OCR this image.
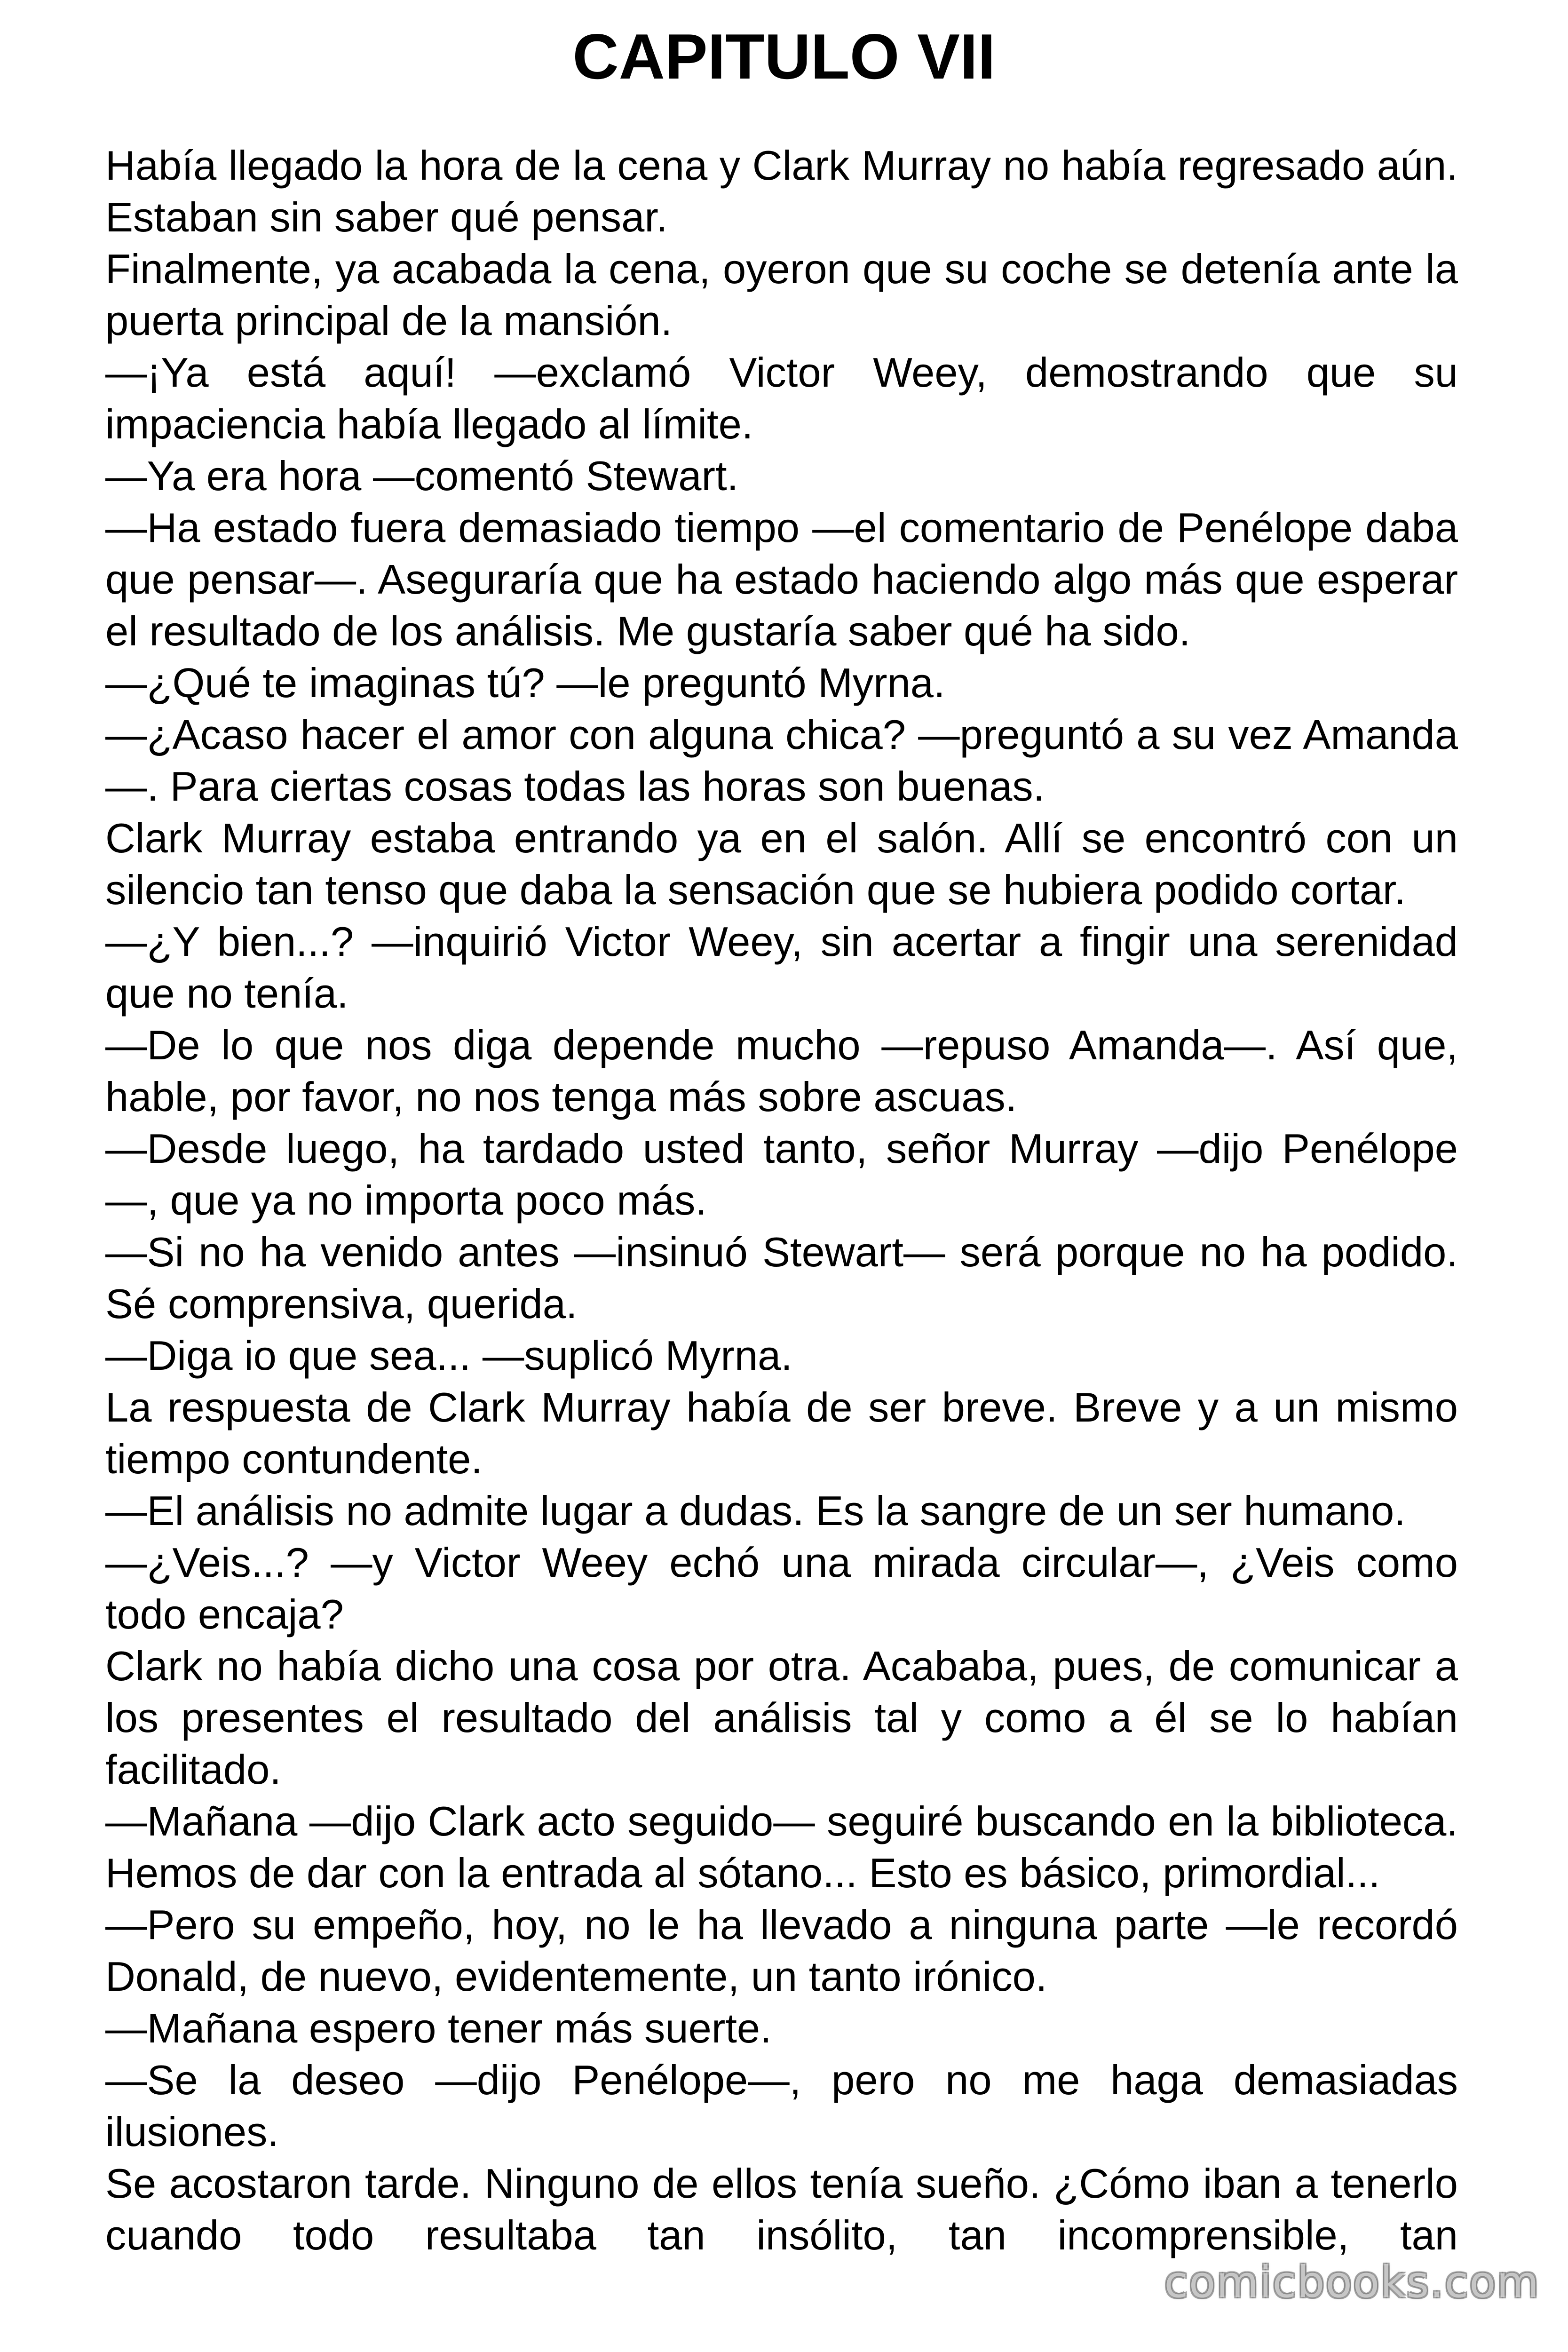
CAPITULO VII

Había llegado la hora de la cena y Clark Murray no había regresado aún. Estaban sin saber qué pensar.

Finalmente, ya acabada la cena, oyeron que su coche se detenía ante la puerta principal de la mansión.

—¡Ya está aquí! —exclamó Victor Weey, demostrando que su impaciencia había llegado al límite.

—Ya era hora —comentó Stewart.

—Ha estado fuera demasiado tiempo —el comentario de Penélope daba que pensar—. Aseguraría que ha estado haciendo algo más que esperar el resultado de los análisis. Me gustaría saber qué ha sido.

—¿Qué te imaginas tú? —le preguntó Myrna.

—¿Acaso hacer el amor con alguna chica? —preguntó a su vez Amanda—. Para ciertas cosas todas las horas son buenas.

Clark Murray estaba entrando ya en el salón. Allí se encontró con un silencio tan tenso que daba la sensación que se hubiera podido cortar.

—¿Y bien...? —inquirió Victor Weey, sin acertar a fingir una serenidad que no tenía.

—De lo que nos diga depende mucho —repuso Amanda—. Así que, hable, por favor, no nos tenga más sobre ascuas.

—Desde luego, ha tardado usted tanto, señor Murray —dijo Penélope —, que ya no importa poco más.

—Si no ha venido antes —insinuó Stewart— será porque no ha podido. Sé comprensiva, querida.

—Diga io que sea... —suplicó Myrna.

La respuesta de Clark Murray había de ser breve. Breve y a un mismo tiempo contundente.

—El análisis no admite lugar a dudas. Es la sangre de un ser humano.

—¿Veis...? —y Victor Weey echó una mirada circular—, ¿Veis como todo encaja?

Clark no había dicho una cosa por otra. Acababa, pues, de comunicar a los presentes el resultado del análisis tal y como a él se lo habían facilitado.

—Mañana —dijo Clark acto seguido— seguiré buscando en la biblioteca. Hemos de dar con la entrada al sótano... Esto es básico, primordial...

—Pero su empeño, hoy, no le ha llevado a ninguna parte —le recordó Donald, de nuevo, evidentemente, un tanto irónico.

—Mañana espero tener más suerte.

—Se la deseo —dijo Penélope—, pero no me haga demasiadas ilusiones.

Se acostaron tarde. Ninguno de ellos tenía sueño. ¿Cómo iban a tenerlo cuando todo resultaba tan insólito, tan incomprensible, tan

comicbooks.com
